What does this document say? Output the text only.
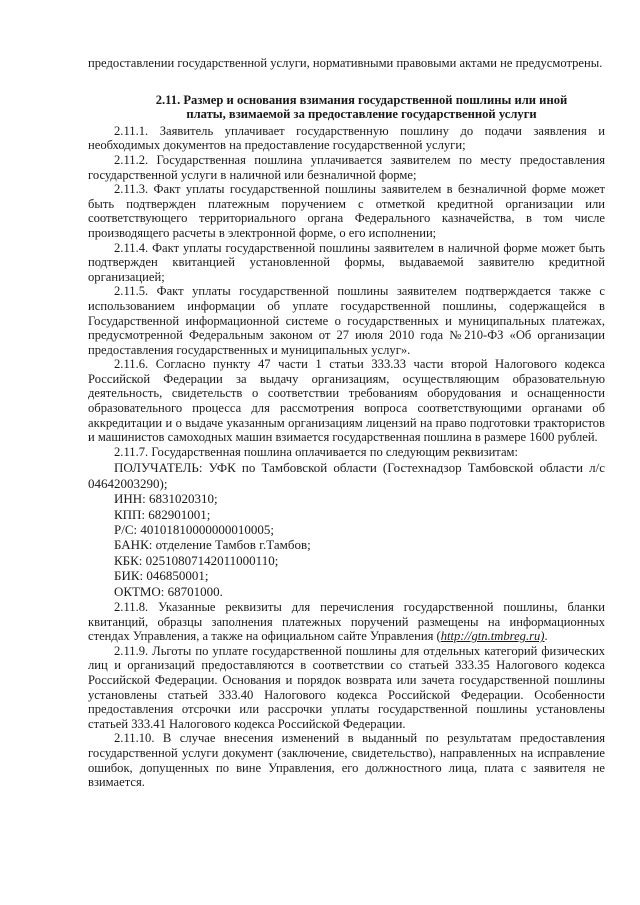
предоставлении государственной услуги, нормативными правовыми актами не предусмотрены.

2.11. Размер и основания взимания государственной пошлины или иной
платы, взимаемой за предоставление государственной услуги

2.11.1. Заявитель уплачивает государственную пошлину до подачи заявления и необходимых документов на предоставление государственной услуги;

2.11.2. Государственная пошлина уплачивается заявителем по месту предоставления государственной услуги в наличной или безналичной форме;

2.11.3. Факт уплаты государственной пошлины заявителем в безналичной форме может быть подтвержден платежным поручением с отметкой кредитной организации или соответствующего территориального органа Федерального казначейства, в том числе производящего расчеты в электронной форме, о его исполнении;

2.11.4. Факт уплаты государственной пошлины заявителем в наличной форме может быть подтвержден квитанцией установленной формы, выдаваемой заявителю кредитной организацией;

2.11.5. Факт уплаты государственной пошлины заявителем подтверждается также с использованием информации об уплате государственной пошлины, содержащейся в Государственной информационной системе о государственных и муниципальных платежах, предусмотренной Федеральным законом от 27 июля 2010 года №210-ФЗ «Об организации предоставления государственных и муниципальных услуг».

2.11.6. Согласно пункту 47 части 1 статьи 333.33 части второй Налогового кодекса Российской Федерации за выдачу организациям, осуществляющим образовательную деятельность, свидетельств о соответствии требованиям оборудования и оснащенности образовательного процесса для рассмотрения вопроса соответствующими органами об аккредитации и о выдаче указанным организациям лицензий на право подготовки трактористов и машинистов самоходных машин взимается государственная пошлина в размере 1600 рублей.

2.11.7. Государственная пошлина оплачивается по следующим реквизитам:

ПОЛУЧАТЕЛЬ: УФК по Тамбовской области (Гостехнадзор Тамбовской области л/с 04642003290);

ИНН: 6831020310;

КПП: 682901001;

Р/С: 40101810000000010005;

БАНК: отделение Тамбов г.Тамбов;

КБК: 02510807142011000110;

БИК: 046850001;

ОКТМО: 68701000.

2.11.8. Указанные реквизиты для перечисления государственной пошлины, бланки квитанций, образцы заполнения платежных поручений размещены на информационных стендах Управления, а также на официальном сайте Управления (http://gtn.tmbreg.ru).

2.11.9. Льготы по уплате государственной пошлины для отдельных категорий физических лиц и организаций предоставляются в соответствии со статьей 333.35 Налогового кодекса Российской Федерации. Основания и порядок возврата или зачета государственной пошлины установлены статьей 333.40 Налогового кодекса Российской Федерации. Особенности предоставления отсрочки или рассрочки уплаты государственной пошлины установлены статьей 333.41 Налогового кодекса Российской Федерации.

2.11.10. В случае внесения изменений в выданный по результатам предоставления государственной услуги документ (заключение, свидетельство), направленных на исправление ошибок, допущенных по вине Управления, его должностного лица, плата с заявителя не взимается.
